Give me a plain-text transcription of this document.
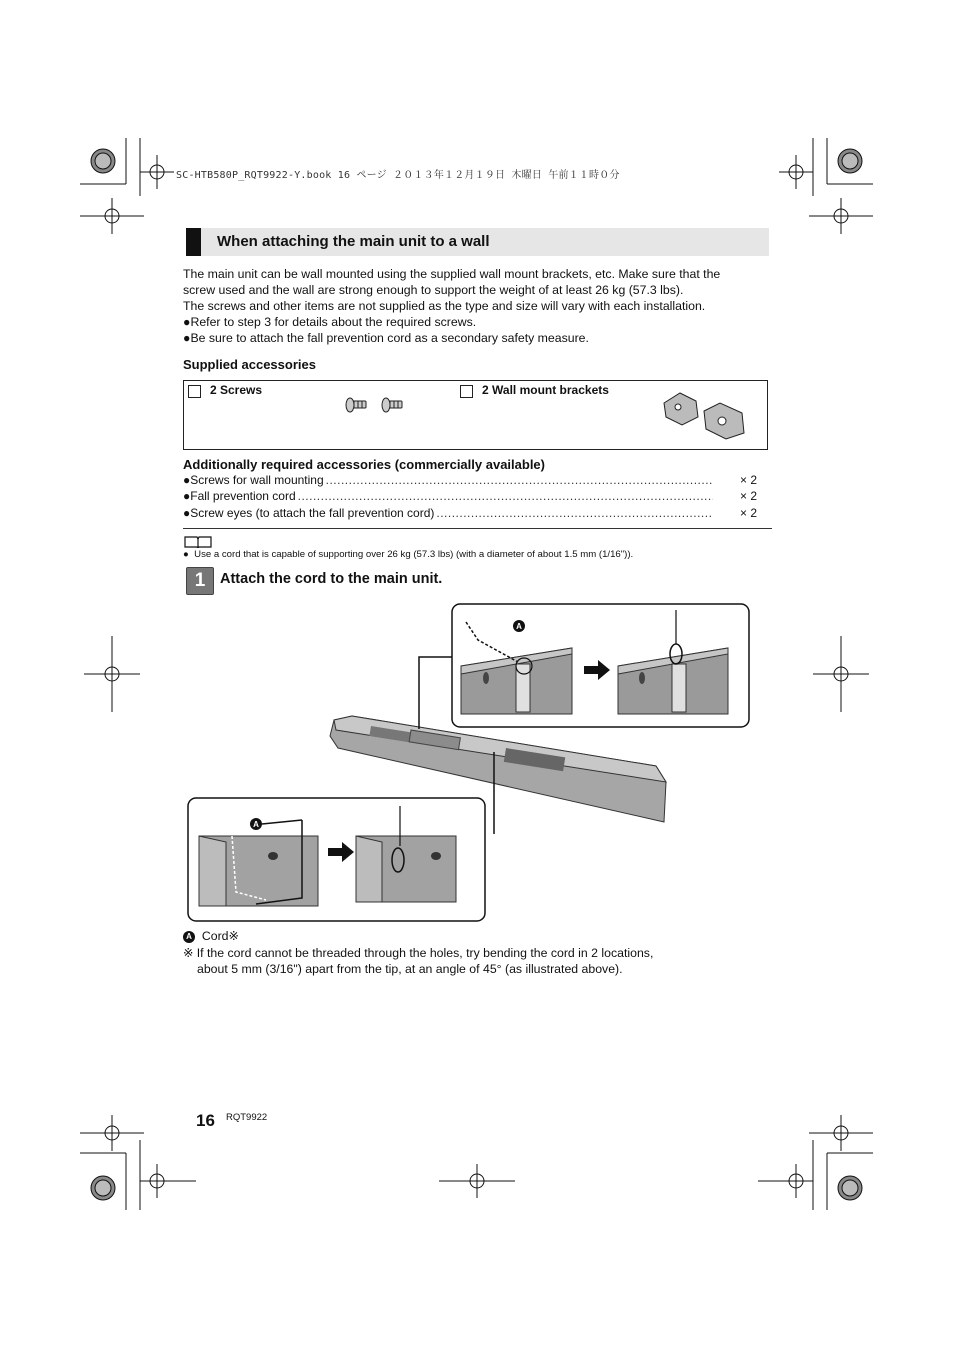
SC-HTB580P_RQT9922-Y.book 16 ページ ２０１３年１２月１９日 木曜日 午前１１時０分
When attaching the main unit to a wall
The main unit can be wall mounted using the supplied wall mount brackets, etc. Make sure that the
screw used and the wall are strong enough to support the weight of at least 26 kg (57.3 lbs).
The screws and other items are not supplied as the type and size will vary with each installation.
●Refer to step 3 for details about the required screws.
●Be sure to attach the fall prevention cord as a secondary safety measure.
Supplied accessories
2 Screws	2 Wall mount brackets
Additionally required accessories (commercially available)
●Screws for wall mounting .....	× 2
●Fall prevention cord .....	× 2
●Screw eyes (to attach the fall prevention cord) .....	× 2
●  Use a cord that is capable of supporting over 26 kg (57.3 lbs) (with a diameter of about 1.5 mm (1/16")).
1	Attach the cord to the main unit.
A
A
A Cord※
※ If the cord cannot be threaded through the holes, try bending the cord in 2 locations,
about 5 mm (3/16") apart from the tip, at an angle of 45° (as illustrated above).
16 RQT9922
